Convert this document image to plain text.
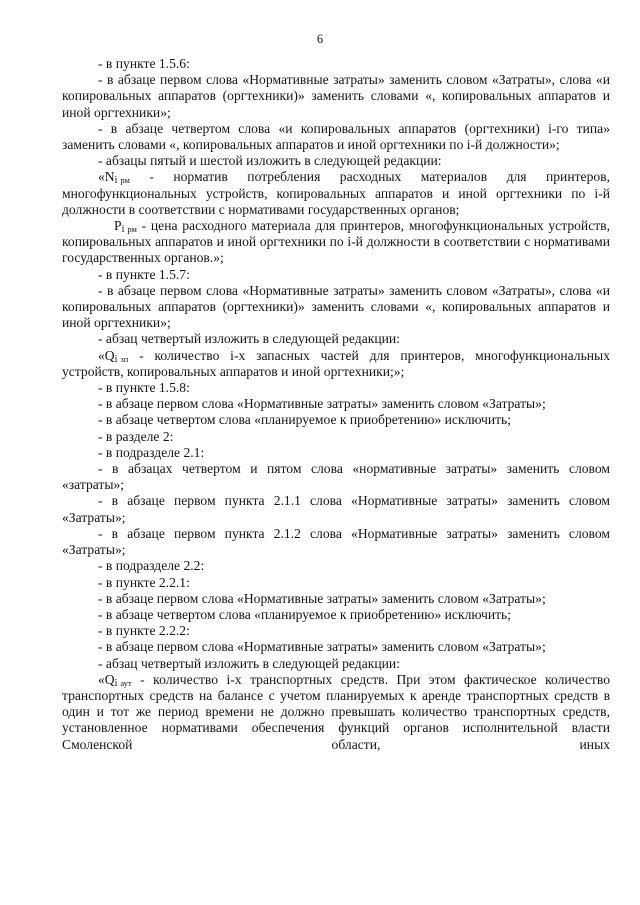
6

- в пункте 1.5.6:

- в абзаце первом слова «Нормативные затраты» заменить словом «Затраты», слова «и копировальных аппаратов (оргтехники)» заменить словами «, копировальных аппаратов и иной оргтехники»;

- в абзаце четвертом слова «и копировальных аппаратов (оргтехники) i-го типа» заменить словами «, копировальных аппаратов и иной оргтехники по i-й должности»;

- абзацы пятый и шестой изложить в следующей редакции:

«$N_i$ $_{рм}$ - норматив потребления расходных материалов для принтеров, многофункциональных устройств, копировальных аппаратов и иной оргтехники по i-й должности в соответствии с нормативами государственных органов;

$P_i$ $_{рм}$ - цена расходного материала для принтеров, многофункциональных устройств, копировальных аппаратов и иной оргтехники по i-й должности в соответствии с нормативами государственных органов.»;

- в пункте 1.5.7:

- в абзаце первом слова «Нормативные затраты» заменить словом «Затраты», слова «и копировальных аппаратов (оргтехники)» заменить словами «, копировальных аппаратов и иной оргтехники»;

- абзац четвертый изложить в следующей редакции:

«$Q_i$ $_{зп}$ - количество i-х запасных частей для принтеров, многофункциональных устройств, копировальных аппаратов и иной оргтехники;»;

- в пункте 1.5.8:

- в абзаце первом слова «Нормативные затраты» заменить словом «Затраты»;

- в абзаце четвертом слова «планируемое к приобретению» исключить;

- в разделе 2:

- в подразделе 2.1:

- в абзацах четвертом и пятом слова «нормативные затраты» заменить словом «затраты»;

- в абзаце первом пункта 2.1.1 слова «Нормативные затраты» заменить словом «Затраты»;

- в абзаце первом пункта 2.1.2 слова «Нормативные затраты» заменить словом «Затраты»;

- в подразделе 2.2:

- в пункте 2.2.1:

- в абзаце первом слова «Нормативные затраты» заменить словом «Затраты»;

- в абзаце четвертом слова «планируемое к приобретению» исключить;

- в пункте 2.2.2:

- в абзаце первом слова «Нормативные затраты» заменить словом «Затраты»;

- абзац четвертый изложить в следующей редакции:

«$Q_i$ $_{аут}$ - количество i-х транспортных средств. При этом фактическое количество транспортных средств на балансе с учетом планируемых к аренде транспортных средств в один и тот же период времени не должно превышать количество транспортных средств, установленное нормативами обеспечения функций органов исполнительной власти Смоленской области, иных
